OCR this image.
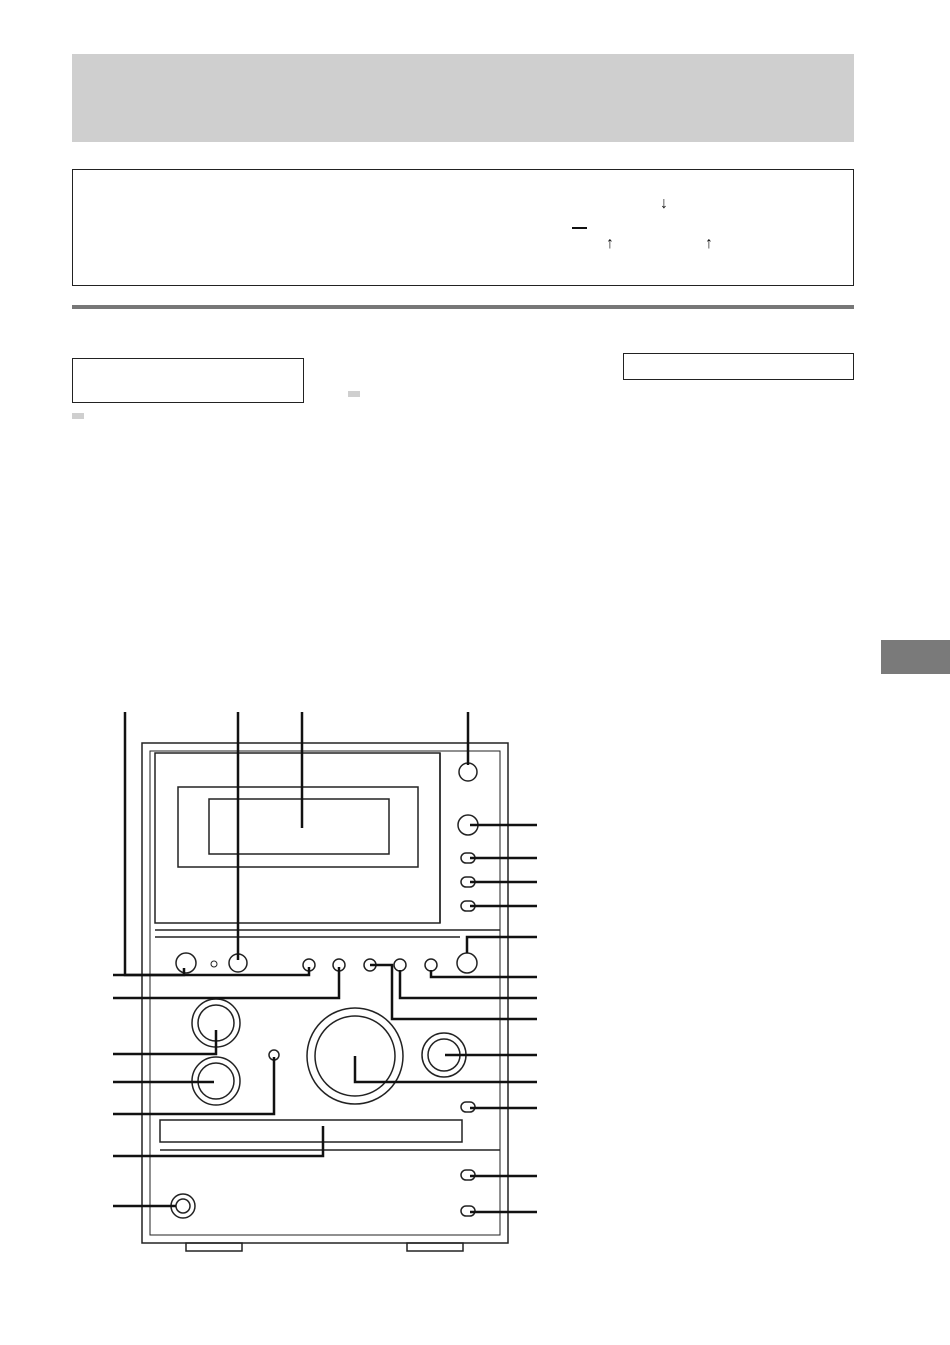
↓
↑	↑
